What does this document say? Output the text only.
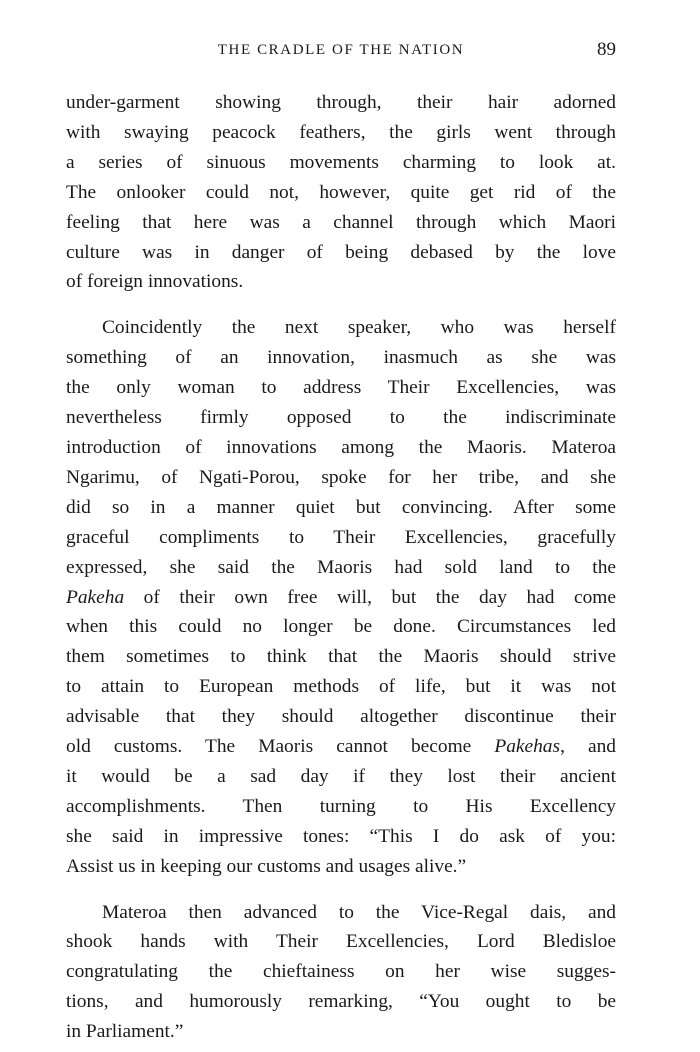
THE CRADLE OF THE NATION	89

under-garment showing through, their hair adorned
with swaying peacock feathers, the girls went through
a series of sinuous movements charming to look at.
The onlooker could not, however, quite get rid of the
feeling that here was a channel through which Maori
culture was in danger of being debased by the love
of foreign innovations.

Coincidently the next speaker, who was herself
something of an innovation, inasmuch as she was
the only woman to address Their Excellencies, was
nevertheless firmly opposed to the indiscriminate
introduction of innovations among the Maoris. Materoa
Ngarimu, of Ngati-Porou, spoke for her tribe, and she
did so in a manner quiet but convincing. After some
graceful compliments to Their Excellencies, gracefully
expressed, she said the Maoris had sold land to the
Pakeha of their own free will, but the day had come
when this could no longer be done. Circumstances led
them sometimes to think that the Maoris should strive
to attain to European methods of life, but it was not
advisable that they should altogether discontinue their
old customs. The Maoris cannot become Pakehas, and
it would be a sad day if they lost their ancient
accomplishments. Then turning to His Excellency
she said in impressive tones: “This I do ask of you:
Assist us in keeping our customs and usages alive.”

Materoa then advanced to the Vice-Regal dais, and
shook hands with Their Excellencies, Lord Bledisloe
congratulating the chieftainess on her wise sugges-
tions, and humorously remarking, “You ought to be
in Parliament.”
